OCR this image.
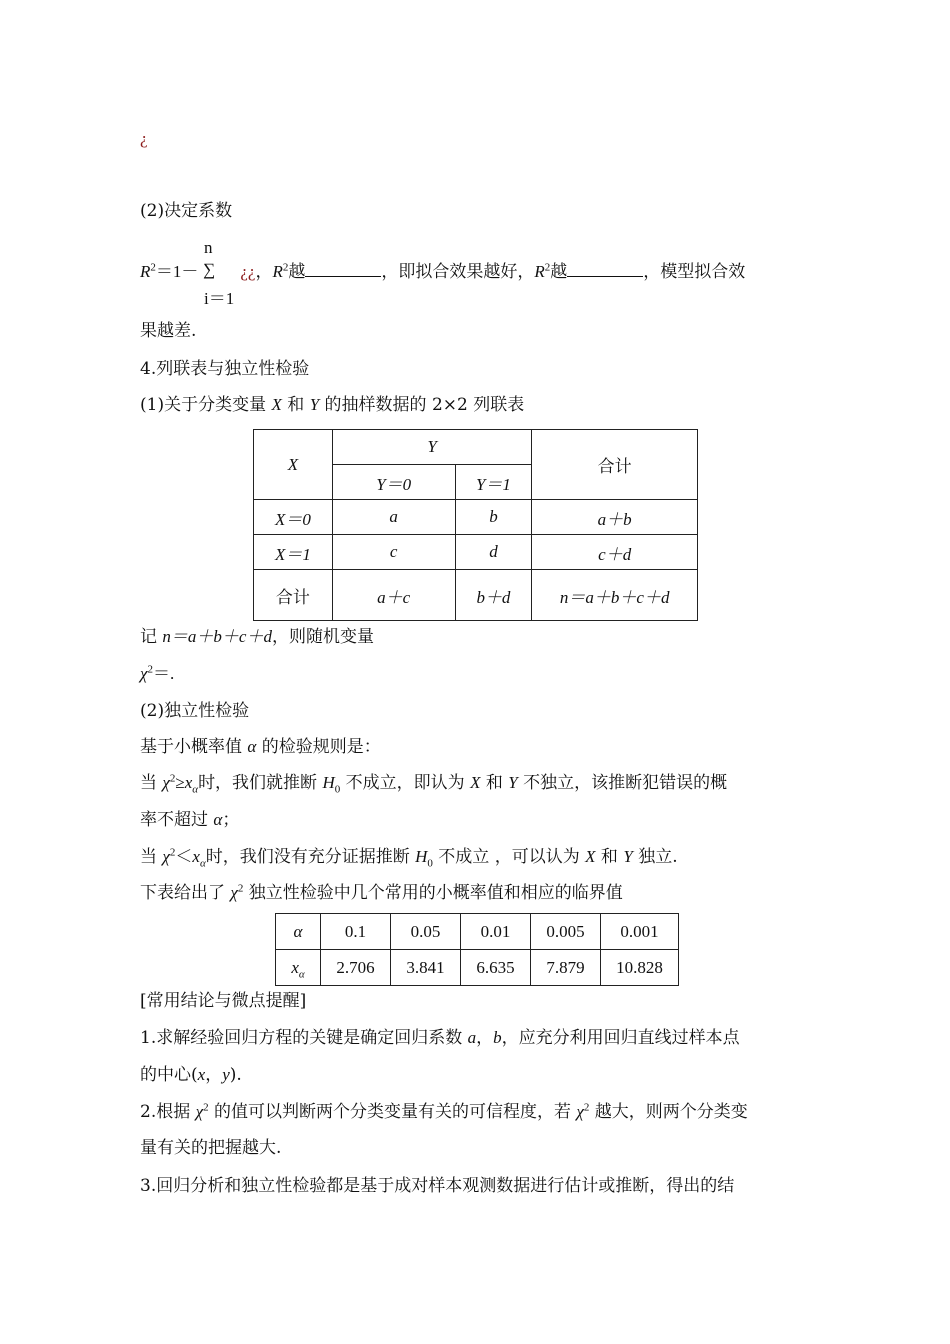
¿
(2)决定系数
n
∑
i＝1
$R^2=1-$ ¿¿，$R^2$越	，即拟合效果越好，$R^2$越	，模型拟合效
果越差.
4.列联表与独立性检验
(1)关于分类变量 X 和 Y 的抽样数据的 2×2 列联表
X	Y		合计
	Y＝0	Y＝1	
X＝0	a	b	a＋b
X＝1	c	d	c＋d
合计	a＋c	b＋d	n＝a＋b＋c＋d
记 n＝a＋b＋c＋d，则随机变量
$\chi^2=$.
(2)独立性检验
基于小概率值 α 的检验规则是：
当 $\chi^2\ge x_\alpha$时，我们就推断 $H_0$ 不成立，即认为 X 和 Y 不独立，该推断犯错误的概
率不超过 α；
当 $\chi^2<x_\alpha$时，我们没有充分证据推断 $H_0$ 不成立 ，可以认为 X 和 Y 独立.
下表给出了 $\chi^2$ 独立性检验中几个常用的小概率值和相应的临界值
α	0.1	0.05	0.01	0.005	0.001
$x_\alpha$	2.706	3.841	6.635	7.879	10.828
[常用结论与微点提醒]
1.求解经验回归方程的关键是确定回归系数 a，b，应充分利用回归直线过样本点
的中心(x，y).
2.根据 $\chi^2$ 的值可以判断两个分类变量有关的可信程度，若 $\chi^2$ 越大，则两个分类变
量有关的把握越大.
3.回归分析和独立性检验都是基于成对样本观测数据进行估计或推断，得出的结
